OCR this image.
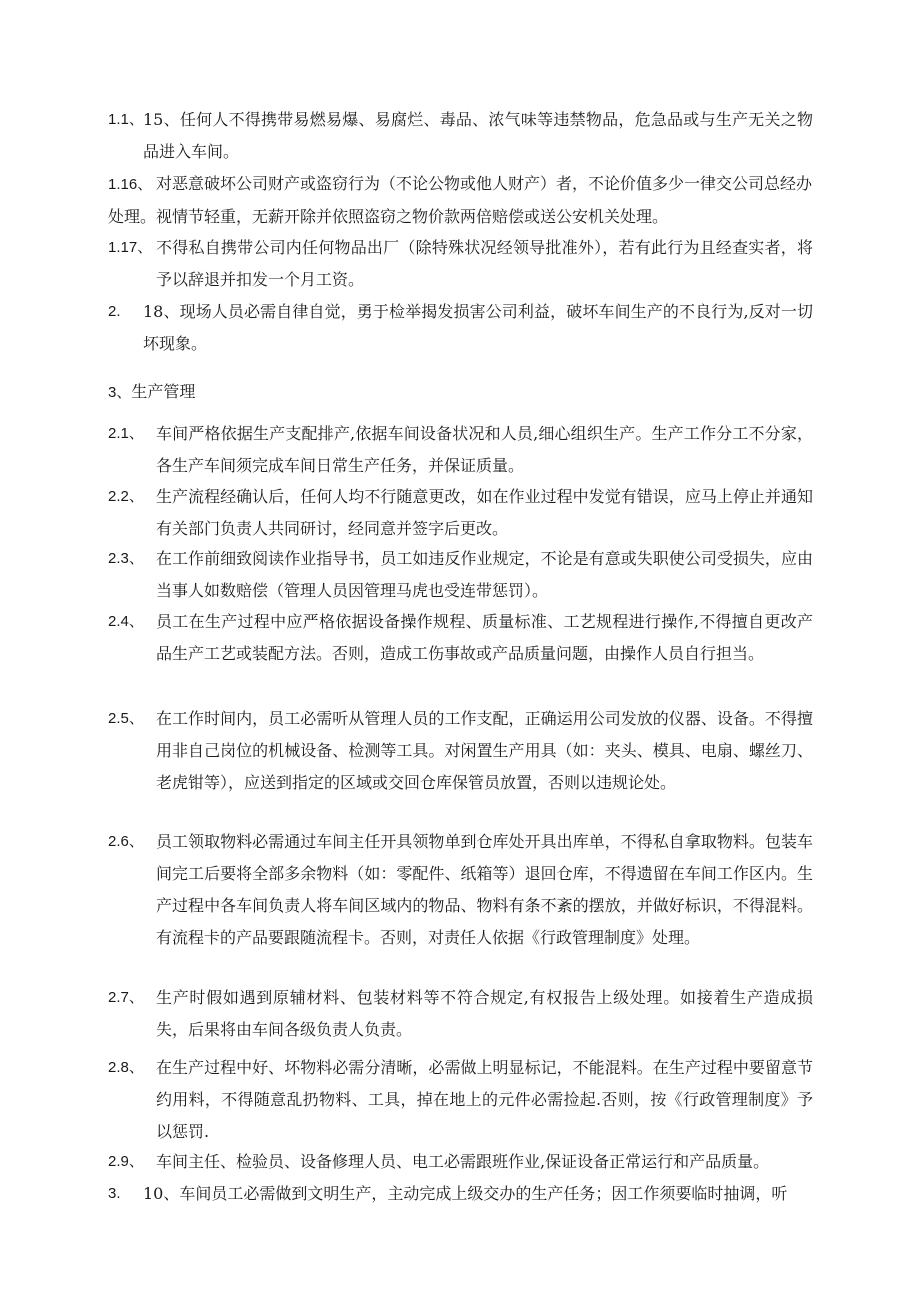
1.1、 15、任何人不得携带易燃易爆、易腐烂、毒品、浓气味等违禁物品，危急品或与生产无关之物品进入车间。
1.16、 对恶意破坏公司财产或盗窃行为（不论公物或他人财产）者，不论价值多少一律交公司总经办处理。视情节轻重，无薪开除并依照盗窃之物价款两倍赔偿或送公安机关处理。
1.17、 不得私自携带公司内任何物品出厂（除特殊状况经领导批准外），若有此行为且经查实者，将予以辞退并扣发一个月工资。
2.	18、现场人员必需自律自觉，勇于检举揭发损害公司利益，破坏车间生产的不良行为,反对一切坏现象。
3、生产管理
2.1、 车间严格依据生产支配排产,依据车间设备状况和人员,细心组织生产。生产工作分工不分家，各生产车间须完成车间日常生产任务，并保证质量。
2.2、 生产流程经确认后，任何人均不行随意更改，如在作业过程中发觉有错误，应马上停止并通知有关部门负责人共同研讨，经同意并签字后更改。
2.3、 在工作前细致阅读作业指导书，员工如违反作业规定，不论是有意或失职使公司受损失，应由当事人如数赔偿（管理人员因管理马虎也受连带惩罚）。
2.4、 员工在生产过程中应严格依据设备操作规程、质量标准、工艺规程进行操作,不得擅自更改产品生产工艺或装配方法。否则，造成工伤事故或产品质量问题，由操作人员自行担当。
2.5、 在工作时间内，员工必需听从管理人员的工作支配，正确运用公司发放的仪器、设备。不得擅用非自己岗位的机械设备、检测等工具。对闲置生产用具（如：夹头、模具、电扇、螺丝刀、老虎钳等），应送到指定的区域或交回仓库保管员放置，否则以违规论处。
2.6、 员工领取物料必需通过车间主任开具领物单到仓库处开具出库单，不得私自拿取物料。包装车间完工后要将全部多余物料（如：零配件、纸箱等）退回仓库，不得遗留在车间工作区内。生产过程中各车间负责人将车间区域内的物品、物料有条不紊的摆放，并做好标识，不得混料。有流程卡的产品要跟随流程卡。否则，对责任人依据《行政管理制度》处理。
2.7、 生产时假如遇到原辅材料、包装材料等不符合规定,有权报告上级处理。如接着生产造成损失，后果将由车间各级负责人负责。
2.8、 在生产过程中好、坏物料必需分清晰，必需做上明显标记，不能混料。在生产过程中要留意节约用料，不得随意乱扔物料、工具，掉在地上的元件必需捡起.否则，按《行政管理制度》予以惩罚.
2.9、 车间主任、检验员、设备修理人员、电工必需跟班作业,保证设备正常运行和产品质量。
3.	10、车间员工必需做到文明生产，主动完成上级交办的生产任务；因工作须要临时抽调，听
